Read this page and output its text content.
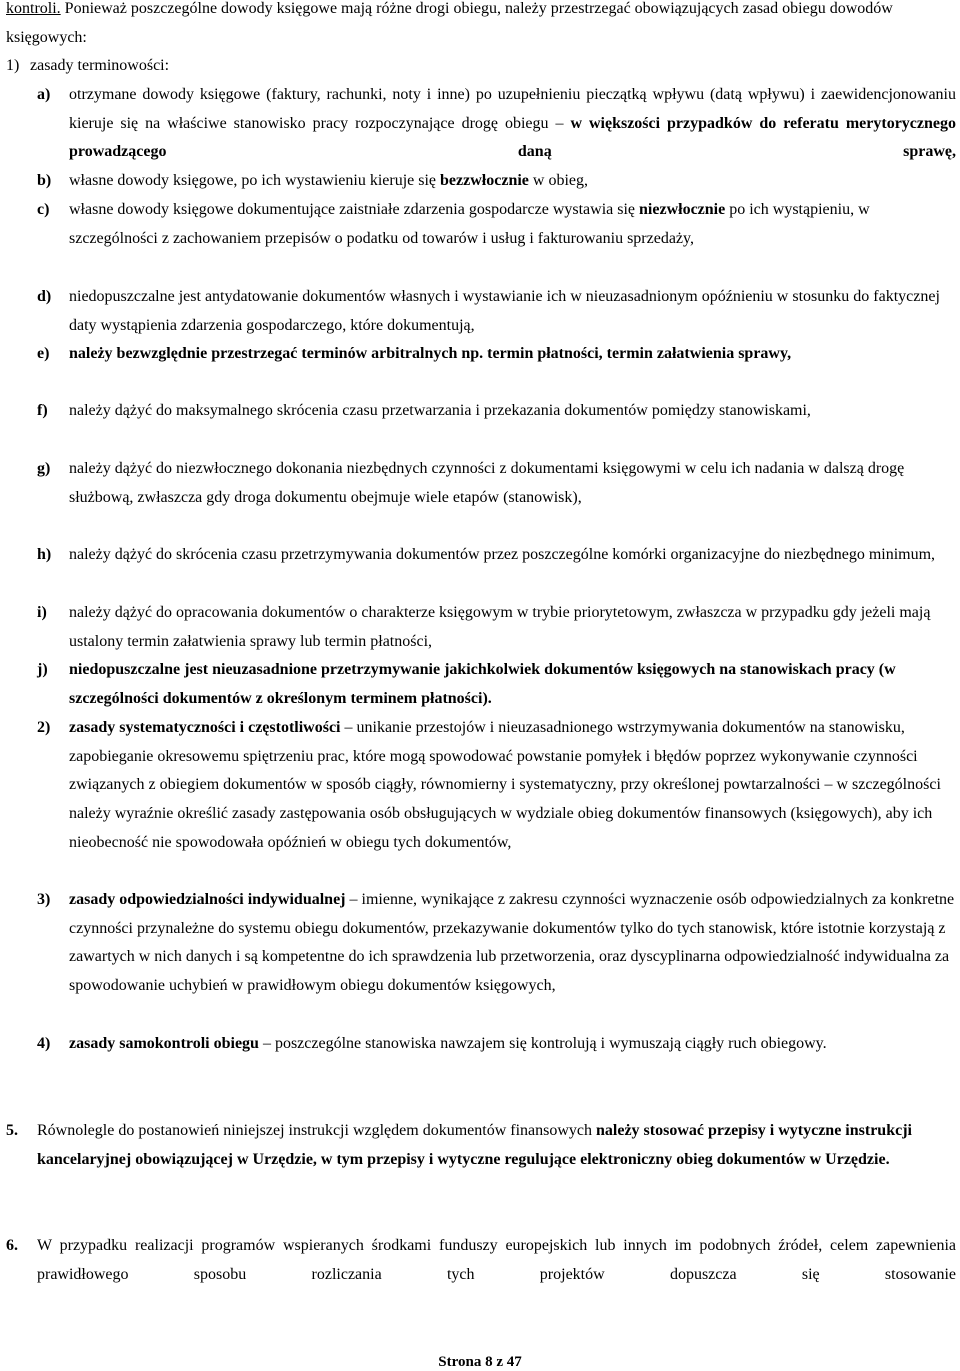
kontroli. Ponieważ poszczególne dowody księgowe mają różne drogi obiegu, należy przestrzegać obowiązujących zasad obiegu dowodów księgowych:

1) zasady terminowości:

a) otrzymane dowody księgowe (faktury, rachunki, noty i inne) po uzupełnieniu pieczątką wpływu (datą wpływu) i zaewidencjonowaniu kieruje się na właściwe stanowisko pracy rozpoczynające drogę obiegu – w większości przypadków do referatu merytorycznego prowadzącego daną sprawę,

b) własne dowody księgowe, po ich wystawieniu kieruje się bezzwłocznie w obieg,

c) własne dowody księgowe dokumentujące zaistniałe zdarzenia gospodarcze wystawia się niezwłocznie po ich wystąpieniu, w szczególności z zachowaniem przepisów o podatku od towarów i usług i fakturowaniu sprzedaży,

d) niedopuszczalne jest antydatowanie dokumentów własnych i wystawianie ich w nieuzasadnionym opóźnieniu w stosunku do faktycznej daty wystąpienia zdarzenia gospodarczego, które dokumentują,

e) należy bezwzględnie przestrzegać terminów arbitralnych np. termin płatności, termin załatwienia sprawy,

f) należy dążyć do maksymalnego skrócenia czasu przetwarzania i przekazania dokumentów pomiędzy stanowiskami,

g) należy dążyć do niezwłocznego dokonania niezbędnych czynności z dokumentami księgowymi w celu ich nadania w dalszą drogę służbową, zwłaszcza gdy droga dokumentu obejmuje wiele etapów (stanowisk),

h) należy dążyć do skrócenia czasu przetrzymywania dokumentów przez poszczególne komórki organizacyjne do niezbędnego minimum,

i) należy dążyć do opracowania dokumentów o charakterze księgowym w trybie priorytetowym, zwłaszcza w przypadku gdy jeżeli mają ustalony termin załatwienia sprawy lub termin płatności,

j) niedopuszczalne jest nieuzasadnione przetrzymywanie jakichkolwiek dokumentów księgowych na stanowiskach pracy (w szczególności dokumentów z określonym terminem płatności).

2) zasady systematyczności i częstotliwości – unikanie przestojów i nieuzasadnionego wstrzymywania dokumentów na stanowisku, zapobieganie okresowemu spiętrzeniu prac, które mogą spowodować powstanie pomyłek i błędów poprzez wykonywanie czynności związanych z obiegiem dokumentów w sposób ciągły, równomierny i systematyczny, przy określonej powtarzalności – w szczególności należy wyraźnie określić zasady zastępowania osób obsługujących w wydziale obieg dokumentów finansowych (księgowych), aby ich nieobecność nie spowodowała opóźnień w obiegu tych dokumentów,

3) zasady odpowiedzialności indywidualnej – imienne, wynikające z zakresu czynności wyznaczenie osób odpowiedzialnych za konkretne czynności przynależne do systemu obiegu dokumentów, przekazywanie dokumentów tylko do tych stanowisk, które istotnie korzystają z zawartych w nich danych i są kompetentne do ich sprawdzenia lub przetworzenia, oraz dyscyplinarna odpowiedzialność indywidualna za spowodowanie uchybień w prawidłowym obiegu dokumentów księgowych,

4) zasady samokontroli obiegu – poszczególne stanowiska nawzajem się kontrolują i wymuszają ciągły ruch obiegowy.

5. Równolegle do postanowień niniejszej instrukcji względem dokumentów finansowych należy stosować przepisy i wytyczne instrukcji kancelaryjnej obowiązującej w Urzędzie, w tym przepisy i wytyczne regulujące elektroniczny obieg dokumentów w Urzędzie.

6. W przypadku realizacji programów wspieranych środkami funduszy europejskich lub innych im podobnych źródeł, celem zapewnienia prawidłowego sposobu rozliczania tych projektów dopuszcza się stosowanie

Strona 8 z 47
